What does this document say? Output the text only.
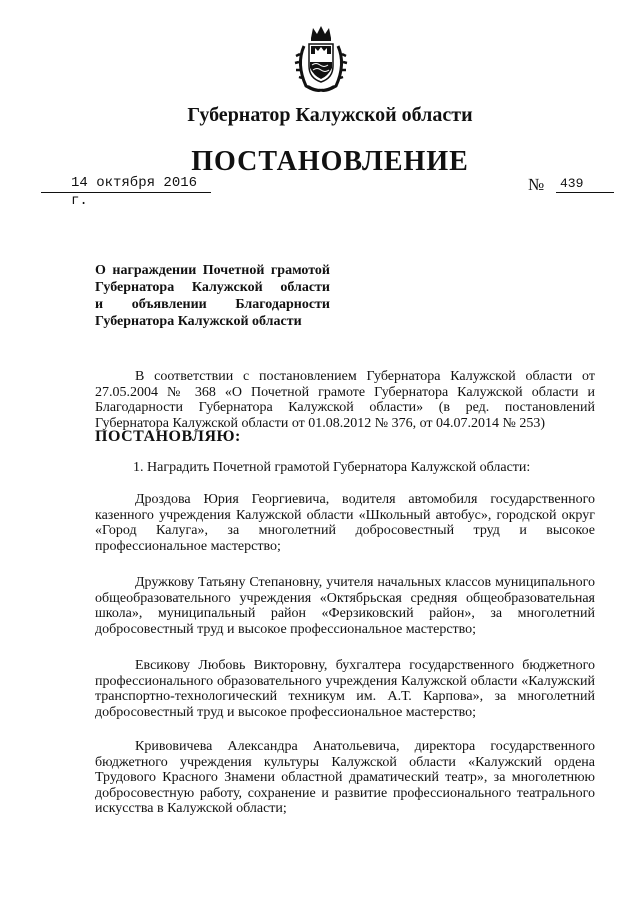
Губернатор Калужской области
ПОСТАНОВЛЕНИЕ
14 октября 2016 г.
№	439
О награждении Почетной грамотой
Губернатора Калужской области
и объявлении Благодарности
Губернатора Калужской области

В соответствии с постановлением Губернатора Калужской области от 27.05.2004 № 368 «О Почетной грамоте Губернатора Калужской области и Благодарности Губернатора Калужской области» (в ред. постановлений Губернатора Калужской области от 01.08.2012 № 376, от 04.07.2014 № 253)

ПОСТАНОВЛЯЮ:
1. Наградить Почетной грамотой Губернатора Калужской области:

Дроздова Юрия Георгиевича, водителя автомобиля государственного казенного учреждения Калужской области «Школьный автобус», городской округ «Город Калуга», за многолетний добросовестный труд и высокое профессиональное мастерство;

Дружкову Татьяну Степановну, учителя начальных классов муниципального общеобразовательного учреждения «Октябрьская средняя общеобразовательная школа», муниципальный район «Ферзиковский район», за многолетний добросовестный труд и высокое профессиональное мастерство;

Евсикову Любовь Викторовну, бухгалтера государственного бюджетного профессионального образовательного учреждения Калужской области «Калужский транспортно-технологический техникум им. А.Т. Карпова», за многолетний добросовестный труд и высокое профессиональное мастерство;

Кривовичева Александра Анатольевича, директора государственного бюджетного учреждения культуры Калужской области «Калужский ордена Трудового Красного Знамени областной драматический театр», за многолетнюю добросовестную работу, сохранение и развитие профессионального театрального искусства в Калужской области;
